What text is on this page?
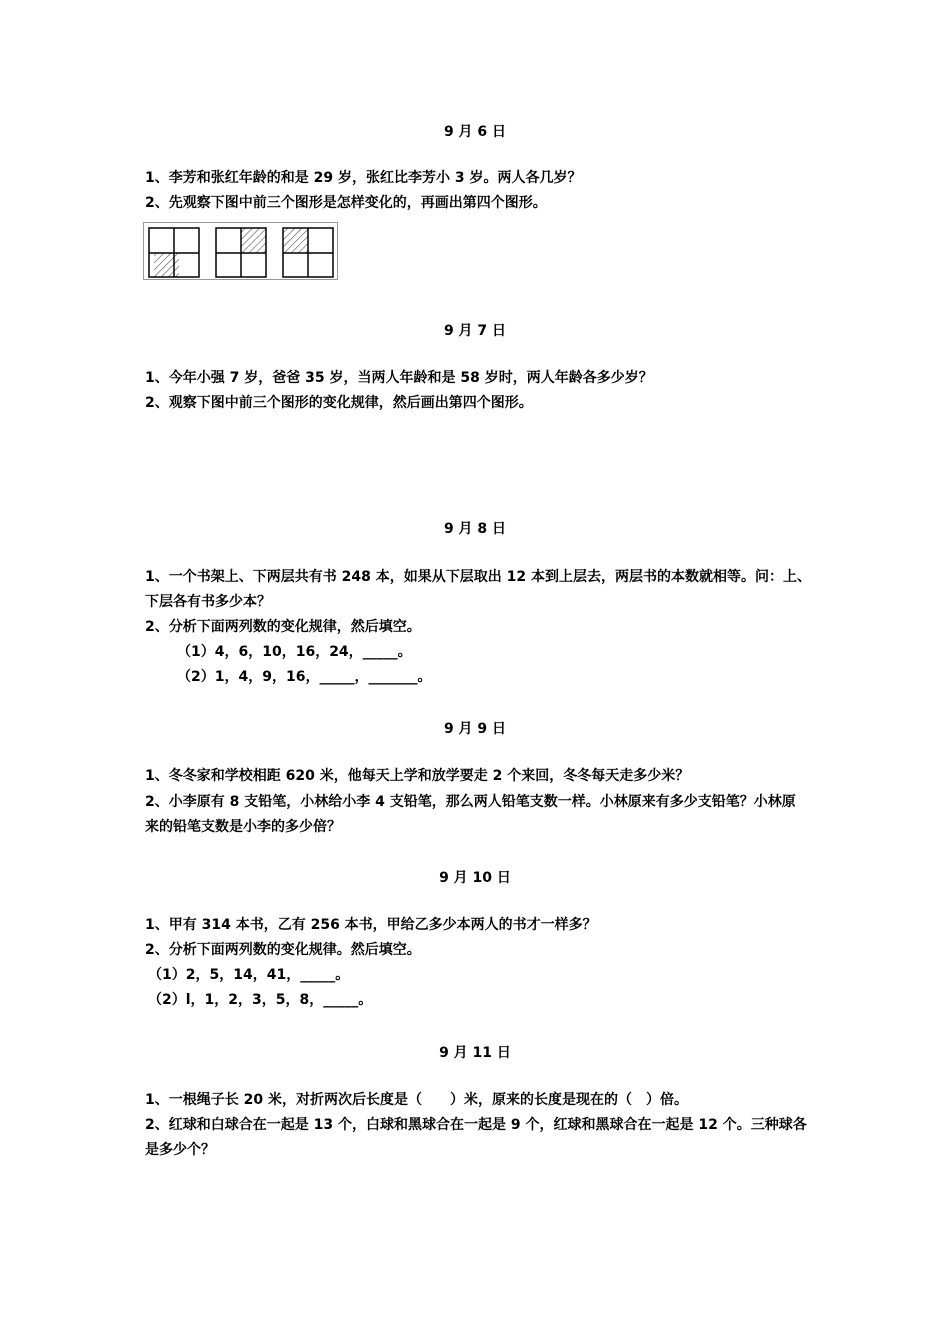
9 月 6 日
1、李芳和张红年龄的和是 29 岁，张红比李芳小 3 岁。两人各几岁？
2、先观察下图中前三个图形是怎样变化的，再画出第四个图形。
9 月 7 日
1、今年小强 7 岁，爸爸 35 岁，当两人年龄和是 58 岁时，两人年龄各多少岁？
2、观察下图中前三个图形的变化规律，然后画出第四个图形。
9 月 8 日
1、一个书架上、下两层共有书 248 本，如果从下层取出 12 本到上层去，两层书的本数就相等。问：上、
下层各有书多少本？
2、分析下面两列数的变化规律，然后填空。
（1）4，6，10，16，24，_____。
（2）1，4，9，16，_____，_______。
9 月 9 日
1、冬冬家和学校相距 620 米，他每天上学和放学要走 2 个来回，冬冬每天走多少米？
2、小李原有 8 支铅笔，小林给小李 4 支铅笔，那么两人铅笔支数一样。小林原来有多少支铅笔？小林原
来的铅笔支数是小李的多少倍？
9 月 10 日
1、甲有 314 本书，乙有 256 本书，甲给乙多少本两人的书才一样多？
2、分析下面两列数的变化规律。然后填空。
（1）2，5，14，41，_____。
（2）l，1，2，3，5，8，_____。
9 月 11 日
1、一根绳子长 20 米，对折两次后长度是（　　）米，原来的长度是现在的（　）倍。
2、红球和白球合在一起是 13 个，白球和黑球合在一起是 9 个，红球和黑球合在一起是 12 个。三种球各
是多少个？
